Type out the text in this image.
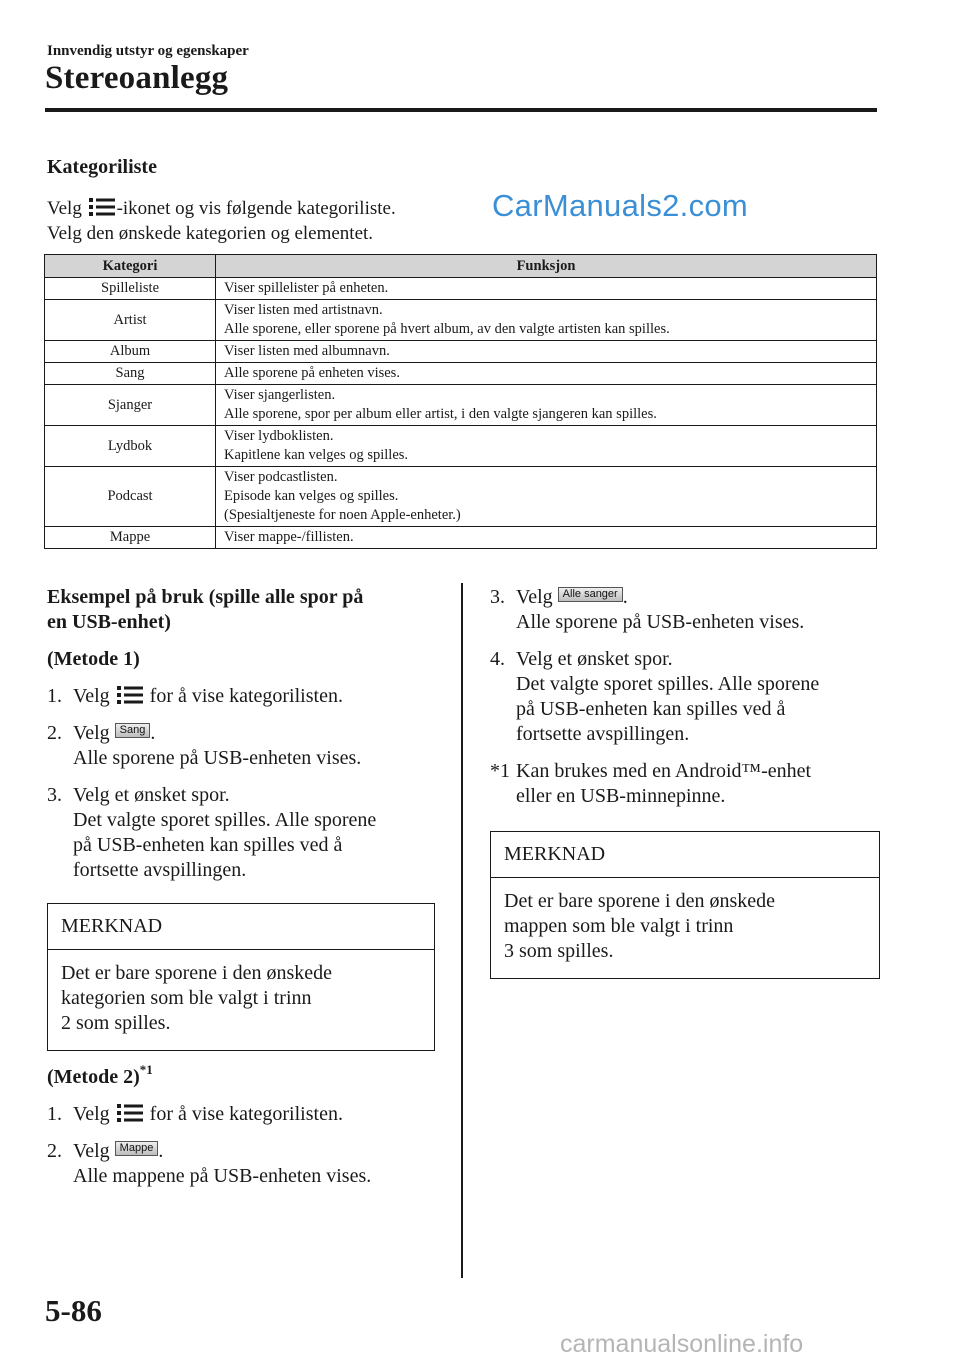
Innvendig utstyr og egenskaper
Stereoanlegg
Kategoriliste

Velg -ikonet og vis følgende kategoriliste.

Velg den ønskede kategorien og elementet.

CarManuals2.com
Kategori	Funksjon
Spilleliste	Viser spillelister på enheten.

Artist	Viser listen med artistnavn.
Alle sporene, eller sporene på hvert album, av den valgte artisten kan spilles.

Album	Viser listen med albumnavn.

Sang	Alle sporene på enheten vises.

Sjanger	Viser sjangerlisten.
Alle sporene, spor per album eller artist, i den valgte sjangeren kan spilles.

Lydbok	Viser lydboklisten.
Kapitlene kan velges og spilles.

Podcast	Viser podcastlisten.
Episode kan velges og spilles.
(Spesialtjeneste for noen Apple-enheter.)

Mappe	Viser mappe-/fillisten.

Eksempel på bruk (spille alle spor på
en USB-enhet)

(Metode 1)

1. Velg  for å vise kategorilisten.
2. Velg Sang .
Alle sporene på USB-enheten vises.
3. Velg et ønsket spor.
Det valgte sporet spilles. Alle sporene
på USB-enheten kan spilles ved å
fortsette avspillingen.
MERKNAD
Det er bare sporene i den ønskede
kategorien som ble valgt i trinn
2 som spilles.

(Metode 2)$^{*1}$

1. Velg  for å vise kategorilisten.
2. Velg Mappe .
Alle mappene på USB-enheten vises.
3. Velg Alle sanger .
Alle sporene på USB-enheten vises.
4. Velg et ønsket spor.
Det valgte sporet spilles. Alle sporene
på USB-enheten kan spilles ved å
fortsette avspillingen.
*1 Kan brukes med en Android™-enhet
eller en USB-minnepinne.
MERKNAD
Det er bare sporene i den ønskede
mappen som ble valgt i trinn
3 som spilles.
5-86
carmanualsonline.info
